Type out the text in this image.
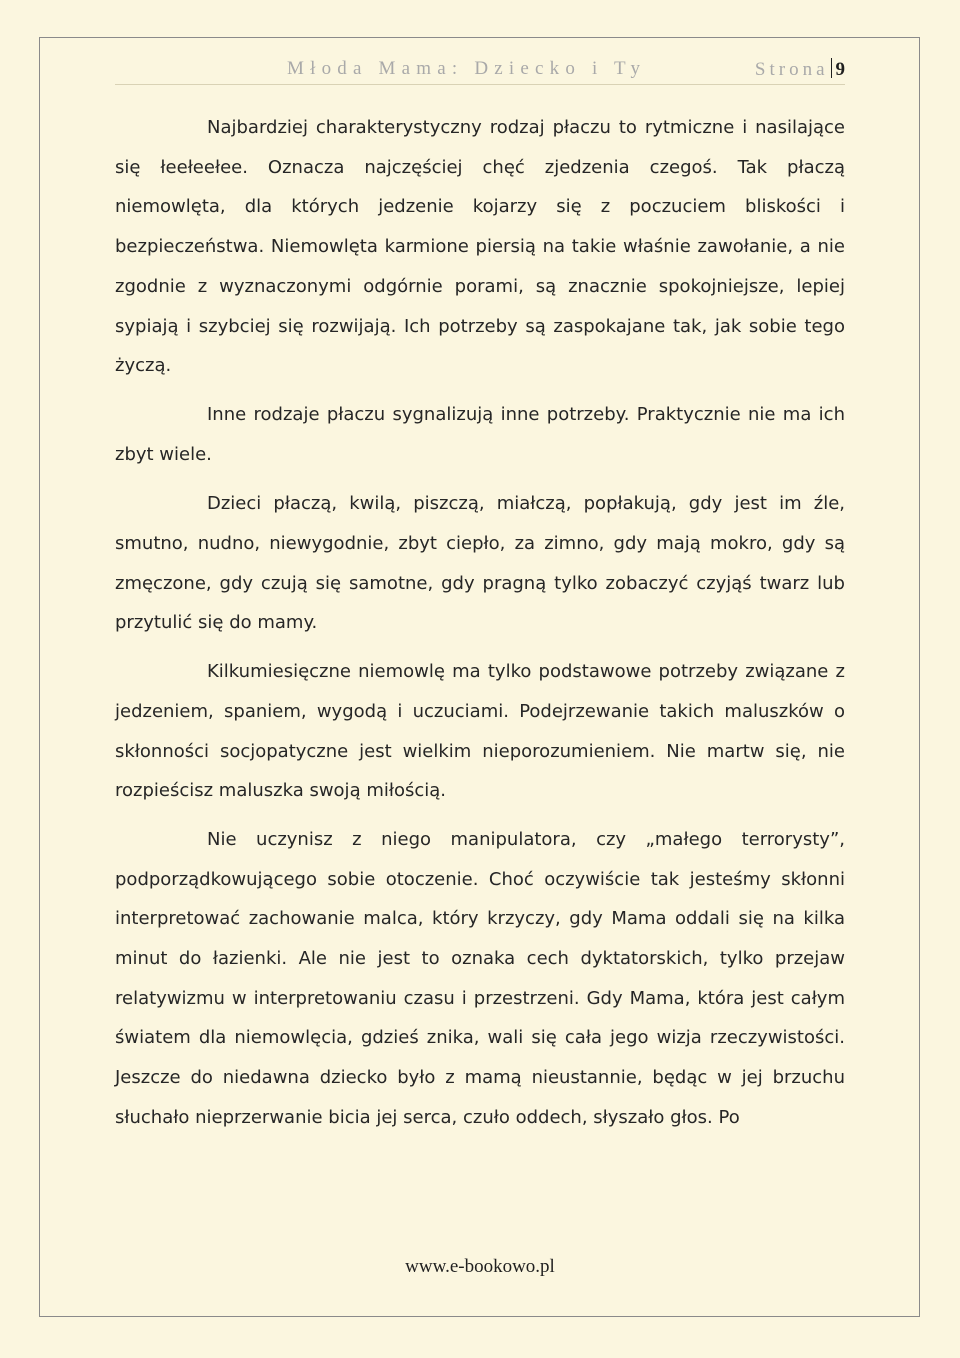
Młoda Mama: Dziecko i Ty	Strona 9

Najbardziej charakterystyczny rodzaj płaczu to rytmiczne i nasilające się łeełeełee. Oznacza najczęściej chęć zjedzenia czegoś. Tak płaczą niemowlęta, dla których jedzenie kojarzy się z poczuciem bliskości i bezpieczeństwa. Niemowlęta karmione piersią na takie właśnie zawołanie, a nie zgodnie z wyznaczonymi odgórnie porami, są znacznie spokojniejsze, lepiej sypiają i szybciej się rozwijają. Ich potrzeby są zaspokajane tak, jak sobie tego życzą.

Inne rodzaje płaczu sygnalizują inne potrzeby. Praktycznie nie ma ich zbyt wiele.

Dzieci płaczą, kwilą, piszczą, miałczą, popłakują, gdy jest im źle, smutno, nudno, niewygodnie, zbyt ciepło, za zimno, gdy mają mokro, gdy są zmęczone, gdy czują się samotne, gdy pragną tylko zobaczyć czyjąś twarz lub przytulić się do mamy.

Kilkumiesięczne niemowlę ma tylko podstawowe potrzeby związane z jedzeniem, spaniem, wygodą i uczuciami. Podejrzewanie takich maluszków o skłonności socjopatyczne jest wielkim nieporozumieniem. Nie martw się, nie rozpieścisz maluszka swoją miłością.

Nie uczynisz z niego manipulatora, czy „małego terrorysty”, podporządkowującego sobie otoczenie. Choć oczywiście tak jesteśmy skłonni interpretować zachowanie malca, który krzyczy, gdy Mama oddali się na kilka minut do łazienki. Ale nie jest to oznaka cech dyktatorskich, tylko przejaw relatywizmu w interpretowaniu czasu i przestrzeni. Gdy Mama, która jest całym światem dla niemowlęcia, gdzieś znika, wali się cała jego wizja rzeczywistości. Jeszcze do niedawna dziecko było z mamą nieustannie, będąc w jej brzuchu słuchało nieprzerwanie bicia jej serca, czuło oddech, słyszało głos. Po

www.e-bookowo.pl
